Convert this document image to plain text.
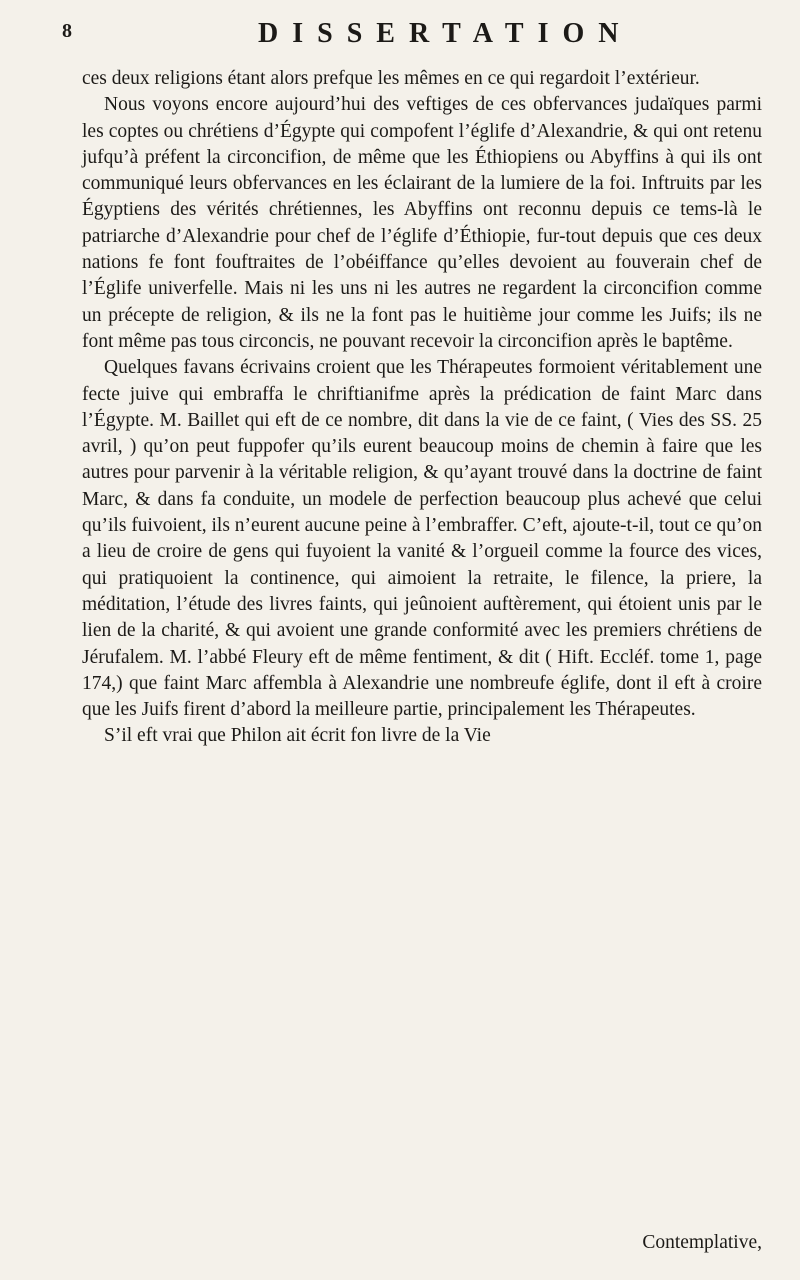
8	DISSERTATION

ces deux religions étant alors prefque les mêmes en ce qui regardoit l’extérieur.

Nous voyons encore aujourd’hui des veftiges de ces obfervances judaïques parmi les coptes ou chrétiens d’Égypte qui compofent l’églife d’Alexandrie, & qui ont retenu jufqu’à préfent la circoncifion, de même que les Éthiopiens ou Abyffins à qui ils ont communiqué leurs obfervances en les éclairant de la lumiere de la foi. Inftruits par les Égyptiens des vérités chrétiennes, les Abyffins ont reconnu depuis ce tems-là le patriarche d’Alexandrie pour chef de l’églife d’Éthiopie, fur-tout depuis que ces deux nations fe font fouftraites de l’obéiffance qu’elles devoient au fouverain chef de l’Églife univerfelle. Mais ni les uns ni les autres ne regardent la circoncifion comme un précepte de religion, & ils ne la font pas le huitième jour comme les Juifs; ils ne font même pas tous circoncis, ne pouvant recevoir la circoncifion après le baptême.

Quelques favans écrivains croient que les Thérapeutes formoient véritablement une fecte juive qui embraffa le chriftianifme après la prédication de faint Marc dans l’Égypte. M. Baillet qui eft de ce nombre, dit dans la vie de ce faint, ( Vies des SS. 25 avril, ) qu’on peut fuppofer qu’ils eurent beaucoup moins de chemin à faire que les autres pour parvenir à la véritable religion, & qu’ayant trouvé dans la doctrine de faint Marc, & dans fa conduite, un modele de perfection beaucoup plus achevé que celui qu’ils fuivoient, ils n’eurent aucune peine à l’embraffer. C’eft, ajoute-t-il, tout ce qu’on a lieu de croire de gens qui fuyoient la vanité & l’orgueil comme la fource des vices, qui pratiquoient la continence, qui aimoient la retraite, le filence, la priere, la méditation, l’étude des livres faints, qui jeûnoient auftèrement, qui étoient unis par le lien de la charité, & qui avoient une grande conformité avec les premiers chrétiens de Jérufalem. M. l’abbé Fleury eft de même fentiment, & dit ( Hift. Eccléf. tome 1, page 174,) que faint Marc affembla à Alexandrie une nombreufe églife, dont il eft à croire que les Juifs firent d’abord la meilleure partie, principalement les Thérapeutes.

S’il eft vrai que Philon ait écrit fon livre de la Vie

Contemplative,
